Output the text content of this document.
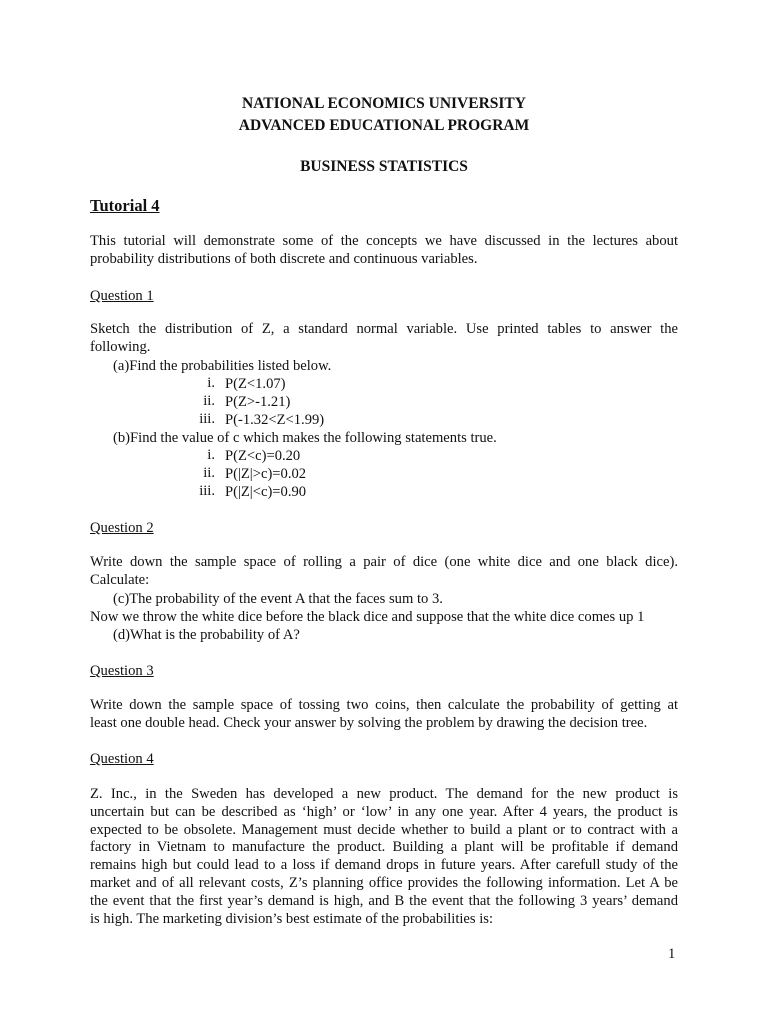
NATIONAL ECONOMICS UNIVERSITY
ADVANCED EDUCATIONAL PROGRAM
BUSINESS STATISTICS
Tutorial 4
This tutorial will demonstrate some of the concepts we have discussed in the lectures about
probability distributions of both discrete and continuous variables.
Question 1
Sketch the distribution of Z, a standard normal variable. Use printed tables to answer the
following.
(a)Find the probabilities listed below.
i. P(Z<1.07)
ii. P(Z>-1.21)
iii. P(-1.32<Z<1.99)
(b)Find the value of c which makes the following statements true.
i. P(Z<c)=0.20
ii. P(|Z|>c)=0.02
iii. P(|Z|<c)=0.90
Question 2
Write down the sample space of rolling a pair of dice (one white dice and one black dice).
Calculate:
(c)The probability of the event A that the faces sum to 3.
Now we throw the white dice before the black dice and suppose that the white dice comes up 1
(d)What is the probability of A?
Question 3
Write down the sample space of tossing two coins, then calculate the probability of getting at
least one double head. Check your answer by solving the problem by drawing the decision tree.
Question 4
Z. Inc., in the Sweden has developed a new product. The demand for the new product is
uncertain but can be described as ‘high’ or ‘low’ in any one year. After 4 years, the product is
expected to be obsolete. Management must decide whether to build a plant or to contract with a
factory in Vietnam to manufacture the product. Building a plant will be profitable if demand
remains high but could lead to a loss if demand drops in future years. After carefull study of the
market and of all relevant costs, Z’s planning office provides the following information. Let A be
the event that the first year’s demand is high, and B the event that the following 3 years’ demand
is high. The marketing division’s best estimate of the probabilities is:
1
